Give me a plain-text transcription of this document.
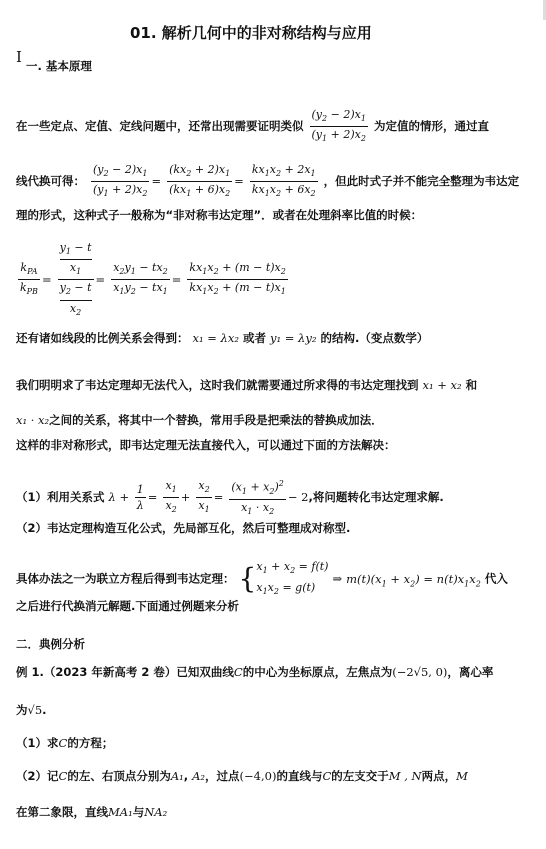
01. 解析几何中的非对称结构与应用
I 一. 基本原理
在一些定点、定值、定线问题中，还常出现需要证明类似 $\frac{(y_2 - 2)x_1}{(y_1 + 2)x_2}$ 为定值的情形，通过直
线代换可得： $\frac{(y_2 - 2)x_1}{(y_1 + 2)x_2} = \frac{(kx_2 + 2)x_1}{(kx_1 + 6)x_2} = \frac{kx_1x_2 + 2x_1}{kx_1x_2 + 6x_2}$ ，但此时式子并不能完全整理为韦达定
理的形式，这种式子一般称为“非对称韦达定理”．或者在处理斜率比值的时候：
$\frac{k_{PA}}{k_{PB}} = y_1 - t$
$x_1$
$y_2 - t$
$x_2 = \frac{x_2y_1 - tx_2}{x_1y_2 - tx_1} = \frac{kx_1x_2 + (m - t)x_2}{kx_1x_2 + (m - t)x_1}$
还有诸如线段的比例关系会得到： x₁ = λx₂ 或者 y₁ = λy₂ 的结构.（变点数学）
我们明明求了韦达定理却无法代入，这时我们就需要通过所求得的韦达定理找到 x₁ + x₂ 和
x₁ · x₂之间的关系，将其中一个替换，常用手段是把乘法的替换成加法．
这样的非对称形式，即韦达定理无法直接代入，可以通过下面的方法解决：
（1）利用关系式 $\lambda + \frac{1}{\lambda} = \frac{x_1}{x_2} + \frac{x_2}{x_1} = \frac{(x_1 + x_2)^2}{x_1 \cdot x_2} - 2$,将问题转化韦达定理求解.
（2）韦达定理构造互化公式，先局部互化，然后可整理成对称型.
具体办法之一为联立方程后得到韦达定理： { $x_1 + x_2 = f(t)$
$x_1x_2 = g(t)$
⇒ $m(t)(x_1 + x_2) = n(t)x_1x_2$ 代入
之后进行代换消元解题.下面通过例题来分析
二．典例分析
例 1.（2023 年新高考 2 卷）已知双曲线C的中心为坐标原点，左焦点为(−2√5, 0)，离心率
为√5.
（1）求C的方程；
（2）记C的左、右顶点分别为A₁, A₂，过点(−4,0)的直线与C的左支交于M , N两点，M
在第二象限，直线MA₁与NA₂
